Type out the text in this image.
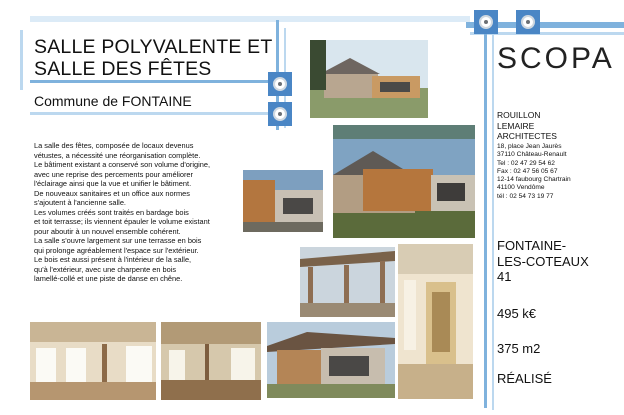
SALLE POLYVALENTE ET
SALLE DES FÊTES
Commune de FONTAINE
La salle des fêtes, composée de locaux devenus
vétustes, a nécessité une réorganisation complète.
Le bâtiment existant a conservé son volume d'origine,
avec une reprise des percements pour améliorer
l'éclairage ainsi que la vue et unifier le bâtiment.
De nouveaux sanitaires et un office aux normes
s'ajoutent à l'ancienne salle.
Les volumes créés sont traités en bardage bois
et toit terrasse; ils viennent épauler le volume existant
pour aboutir à un nouvel ensemble cohérent.
La salle s'ouvre largement sur une terrasse en bois
qui prolonge agréablement l'espace sur l'extérieur.
Le bois est aussi présent à l'intérieur de la salle,
qu'à l'extérieur, avec une charpente en bois
lamellé-collé et une piste de danse en chêne.
SCOPA
ROUILLON
LEMAIRE
ARCHITECTES
18, place Jean Jaurès
37110 Château-Renault
Tel : 02 47 29 54 62
Fax : 02 47 56 05 67
12-14 faubourg Chartrain
41100 Vendôme
tél : 02 54 73 19 77
FONTAINE-
LES-COTEAUX
41
495 k€
375 m2
RÉALISÉ
